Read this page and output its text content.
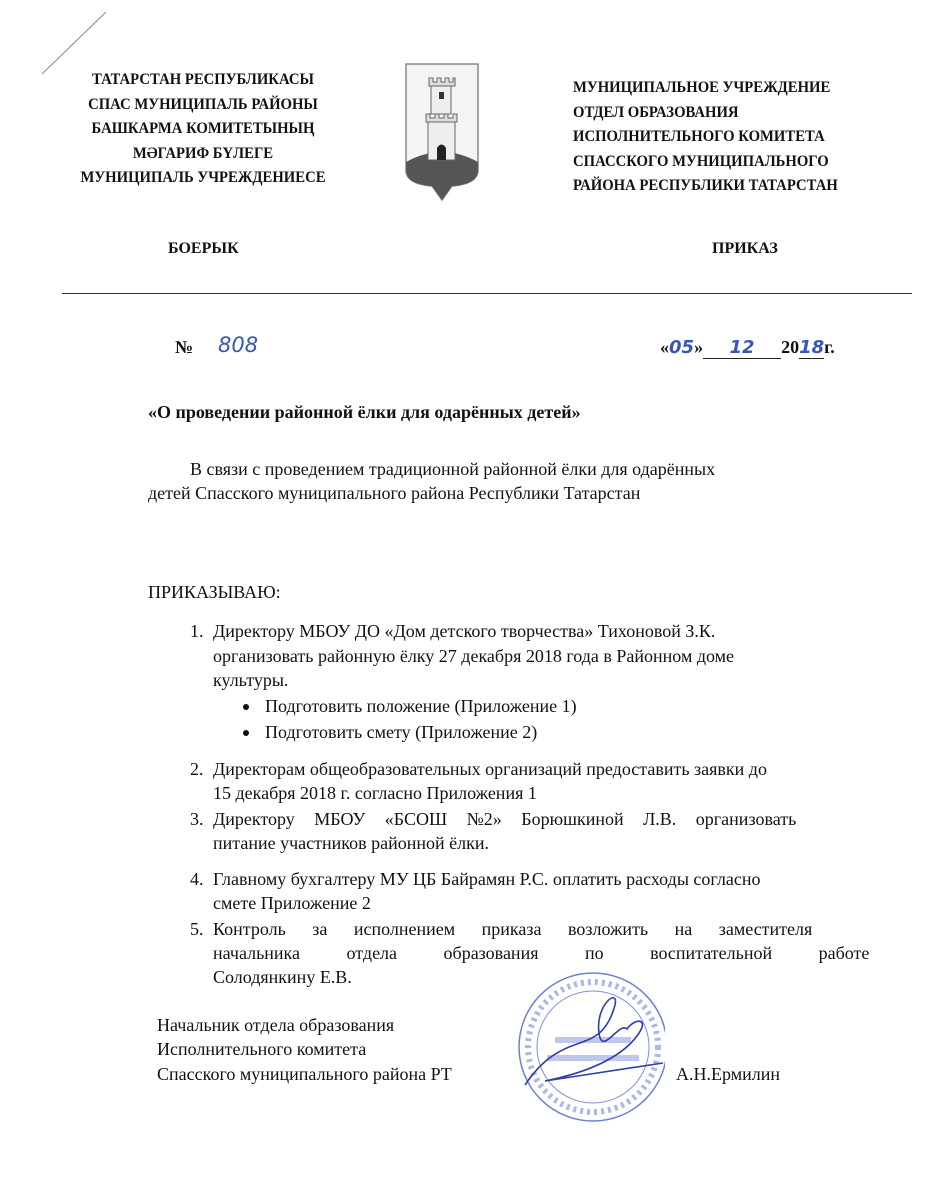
ТАТАРСТАН РЕСПУБЛИКАСЫ
СПАС МУНИЦИПАЛЬ РАЙОНЫ
БАШКАРМА КОМИТЕТЫНЫҢ
МӘГАРИФ БҮЛЕГЕ
МУНИЦИПАЛЬ УЧРЕЖДЕНИЕСЕ
МУНИЦИПАЛЬНОЕ УЧРЕЖДЕНИЕ
ОТДЕЛ ОБРАЗОВАНИЯ
ИСПОЛНИТЕЛЬНОГО КОМИТЕТА
СПАССКОГО МУНИЦИПАЛЬНОГО
РАЙОНА РЕСПУБЛИКИ ТАТАРСТАН
БОЕРЫК	ПРИКАЗ
№ 808	«05» 12 2018г.
«О проведении районной ёлки для одарённых детей»
В связи с проведением традиционной районной ёлки для одарённых
детей Спасского муниципального района Республики Татарстан
ПРИКАЗЫВАЮ:
1. Директору МБОУ ДО «Дом детского творчества» Тихоновой З.К.
организовать районную ёлку 27 декабря 2018 года в Районном доме
культуры.
Подготовить положение (Приложение 1)
Подготовить смету (Приложение 2)
2. Директорам общеобразовательных организаций предоставить заявки до
15 декабря 2018 г. согласно Приложения 1
3. Директору МБОУ «БСОШ №2» Борюшкиной Л.В. организовать
питание участников районной ёлки.
4. Главному бухгалтеру МУ ЦБ Байрамян Р.С. оплатить расходы согласно
смете Приложение 2
5. Контроль за исполнением приказа возложить на заместителя
начальника отдела образования по воспитательной работе
Солодянкину Е.В.
Начальник отдела образования
Исполнительного комитета
Спасского муниципального района РТ	А.Н.Ермилин
